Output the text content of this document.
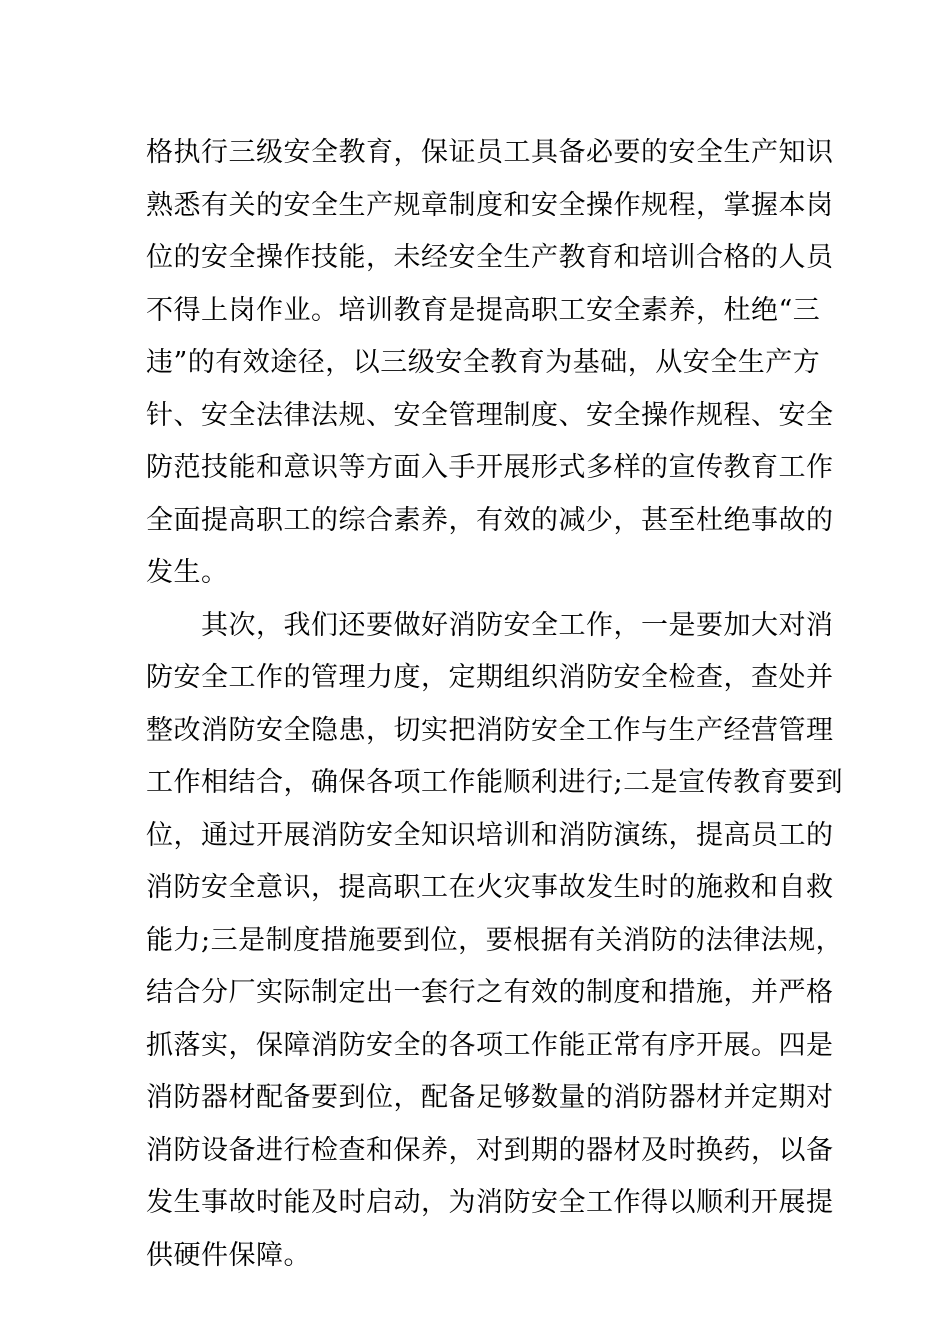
格执行三级安全教育，保证员工具备必要的安全生产知识
熟悉有关的安全生产规章制度和安全操作规程，掌握本岗
位的安全操作技能，未经安全生产教育和培训合格的人员
不得上岗作业。培训教育是提高职工安全素养，杜绝“三
违”的有效途径，以三级安全教育为基础，从安全生产方
针、安全法律法规、安全管理制度、安全操作规程、安全
防范技能和意识等方面入手开展形式多样的宣传教育工作
全面提高职工的综合素养，有效的减少，甚至杜绝事故的
发生。
其次，我们还要做好消防安全工作，一是要加大对消
防安全工作的管理力度，定期组织消防安全检查，查处并
整改消防安全隐患，切实把消防安全工作与生产经营管理
工作相结合，确保各项工作能顺利进行;二是宣传教育要到
位，通过开展消防安全知识培训和消防演练，提高员工的
消防安全意识，提高职工在火灾事故发生时的施救和自救
能力;三是制度措施要到位，要根据有关消防的法律法规，
结合分厂实际制定出一套行之有效的制度和措施，并严格
抓落实，保障消防安全的各项工作能正常有序开展。四是
消防器材配备要到位，配备足够数量的消防器材并定期对
消防设备进行检查和保养，对到期的器材及时换药，以备
发生事故时能及时启动，为消防安全工作得以顺利开展提
供硬件保障。
